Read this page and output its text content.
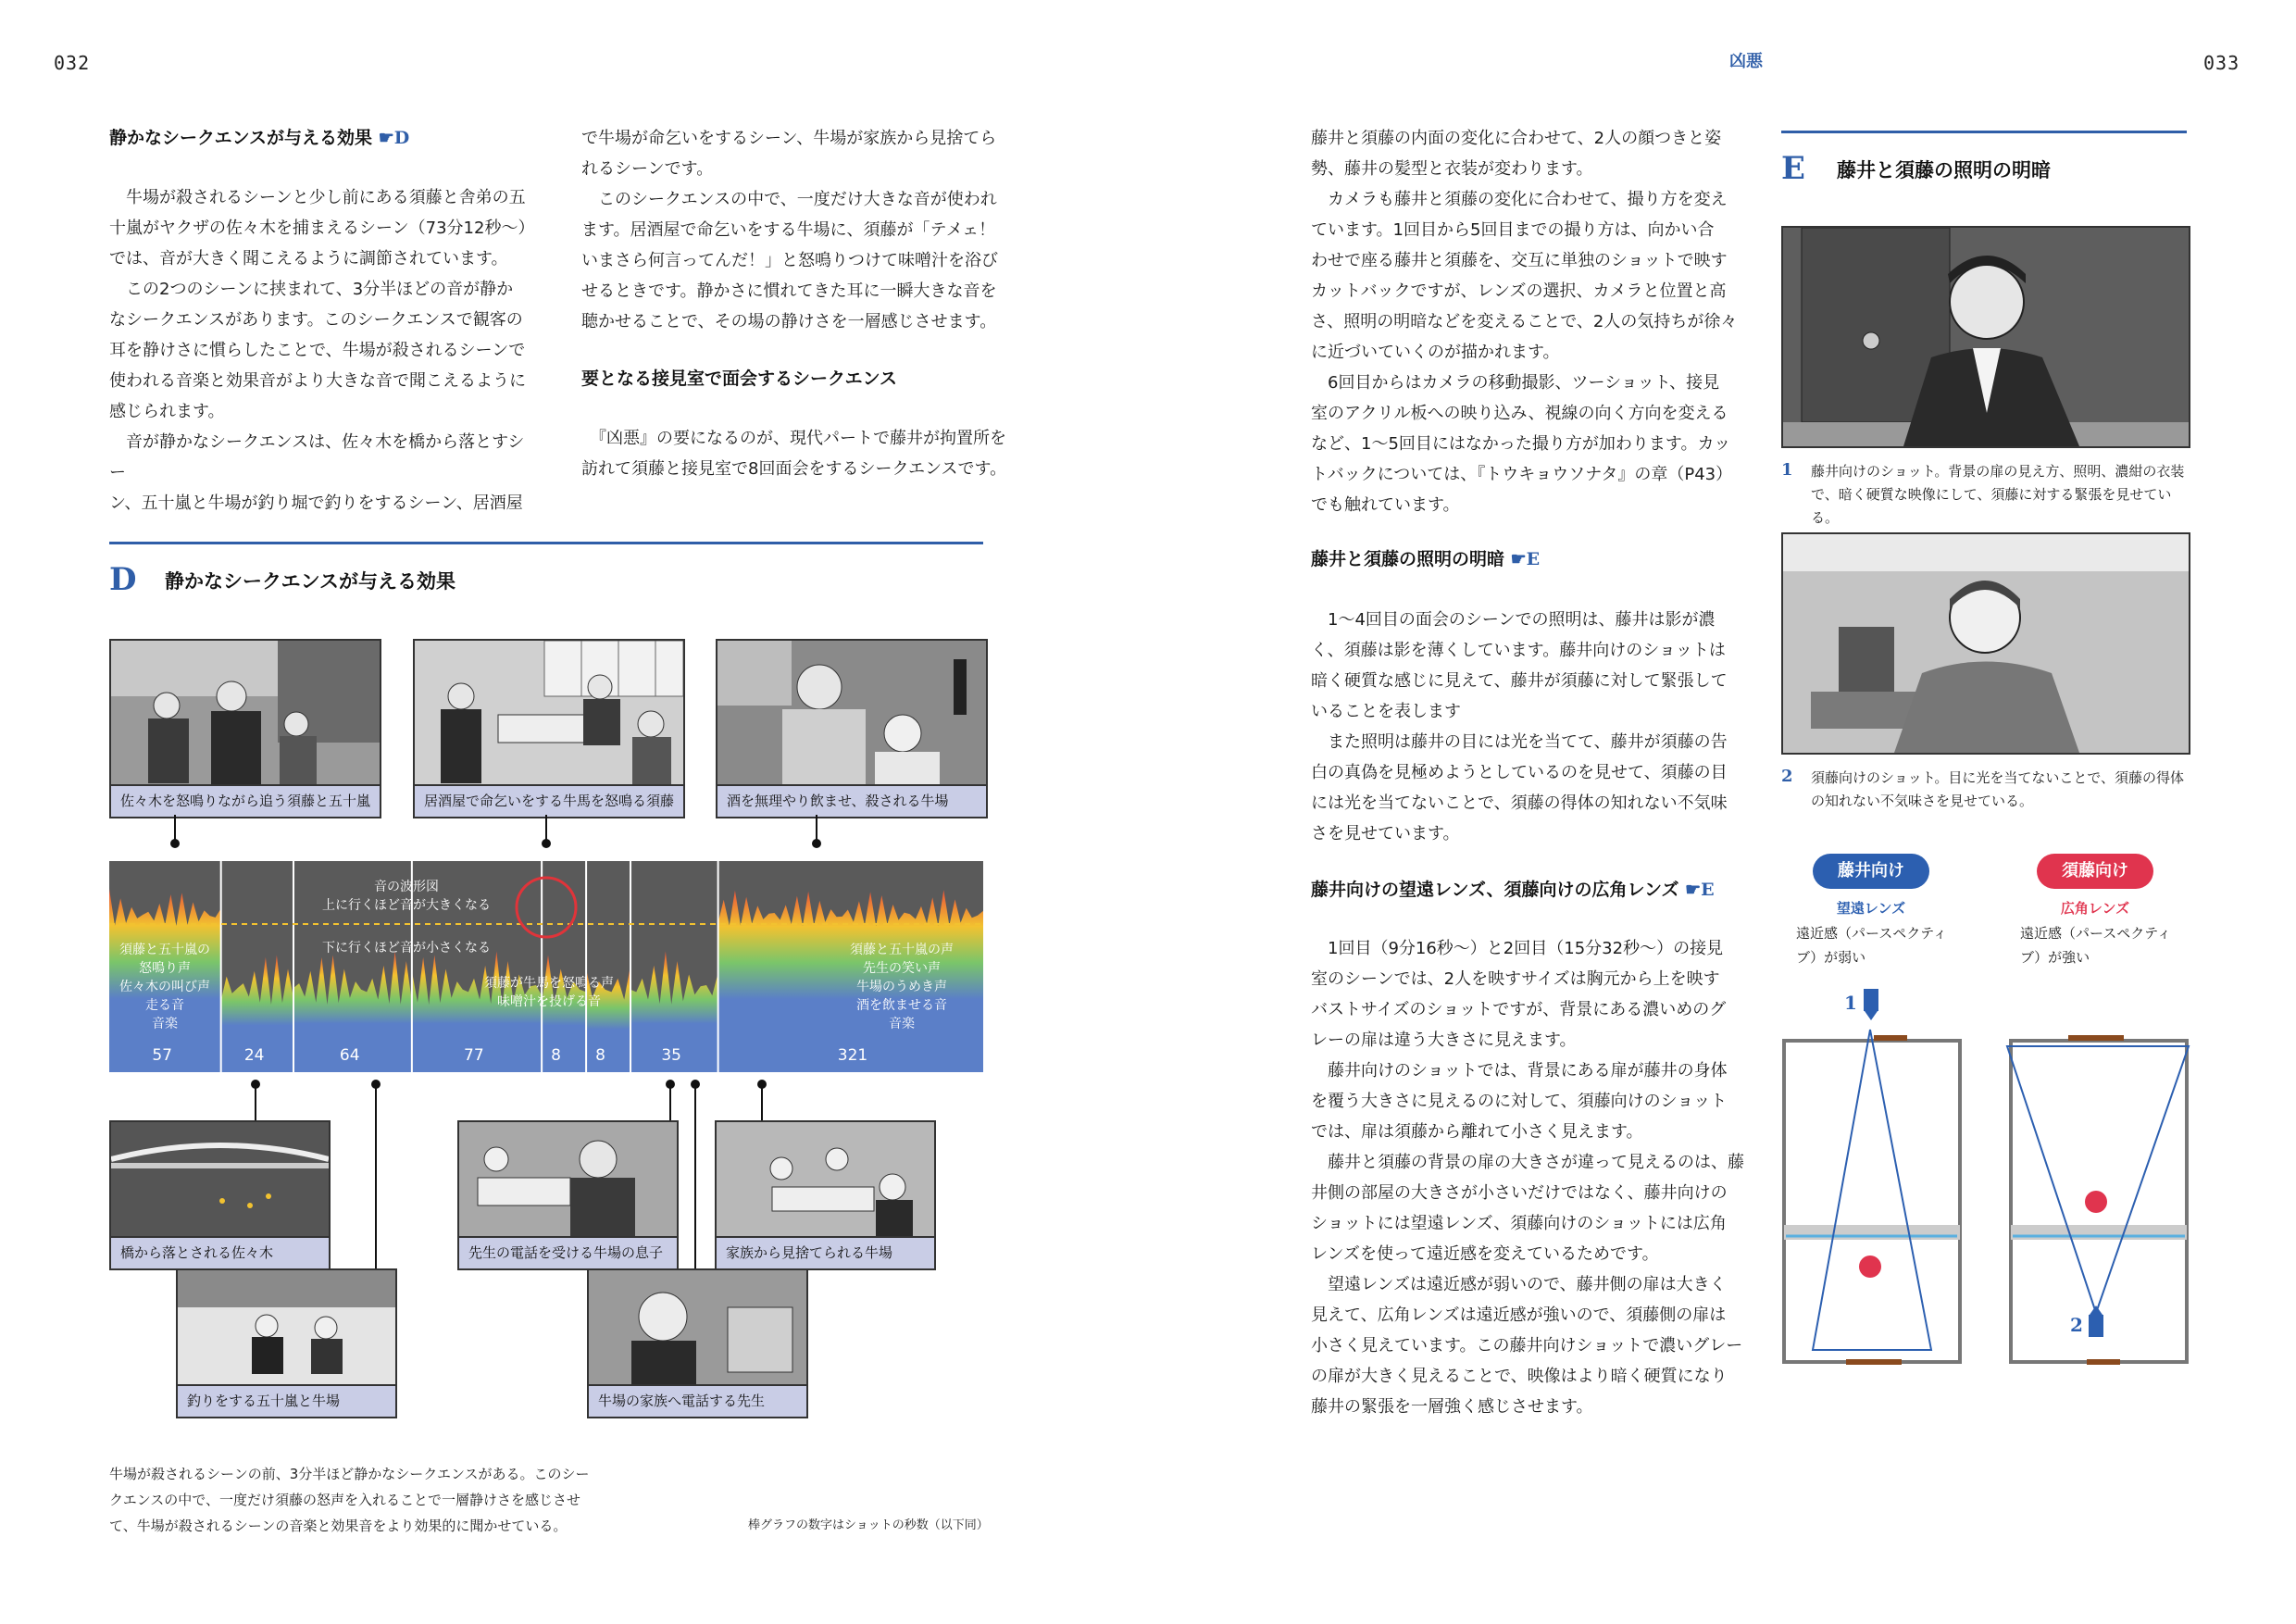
032	凶悪	033
静かなシークエンスが与える効果 ☛D
　牛場が殺されるシーンと少し前にある須藤と舎弟の五
十嵐がヤクザの佐々木を捕まえるシーン（73分12秒〜）
では、音が大きく聞こえるように調節されています。
　この2つのシーンに挟まれて、3分半ほどの音が静か
なシークエンスがあります。このシークエンスで観客の
耳を静けさに慣らしたことで、牛場が殺されるシーンで
使われる音楽と効果音がより大きな音で聞こえるように
感じられます。
　音が静かなシークエンスは、佐々木を橋から落とすシー
ン、五十嵐と牛場が釣り堀で釣りをするシーン、居酒屋
で牛場が命乞いをするシーン、牛場が家族から見捨てら
れるシーンです。
　このシークエンスの中で、一度だけ大きな音が使われ
ます。居酒屋で命乞いをする牛場に、須藤が「テメェ！
いまさら何言ってんだ！」と怒鳴りつけて味噌汁を浴び
せるときです。静かさに慣れてきた耳に一瞬大きな音を
聴かせることで、その場の静けさを一層感じさせます。
要となる接見室で面会するシークエンス
　『凶悪』の要になるのが、現代パートで藤井が拘置所を
訪れて須藤と接見室で8回面会をするシークエンスです。
D 静かなシークエンスが与える効果
佐々木を怒鳴りながら追う須藤と五十嵐	居酒屋で命乞いをする牛馬を怒鳴る須藤	酒を無理やり飲ませ、殺される牛場
音の波形図
上に行くほど音が大きくなる
下に行くほど音が小さくなる
須藤と五十嵐の
怒鳴り声
佐々木の叫び声
走る音
音楽
須藤が牛馬を怒鳴る声
味噌汁を投げる音
須藤と五十嵐の声
先生の笑い声
牛場のうめき声
酒を飲ませる音
音楽
57	24	64	77	8 8	35	321
橋から落とされる佐々木
釣りをする五十嵐と牛場
先生の電話を受ける牛場の息子
牛場の家族へ電話する先生
家族から見捨てられる牛場
牛場が殺されるシーンの前、3分半ほど静かなシークエンスがある。このシー
クエンスの中で、一度だけ須藤の怒声を入れることで一層静けさを感じさせ
て、牛場が殺されるシーンの音楽と効果音をより効果的に聞かせている。	棒グラフの数字はショットの秒数（以下同）
藤井と須藤の内面の変化に合わせて、2人の顔つきと姿
勢、藤井の髪型と衣装が変わります。
　カメラも藤井と須藤の変化に合わせて、撮り方を変え
ています。1回目から5回目までの撮り方は、向かい合
わせで座る藤井と須藤を、交互に単独のショットで映す
カットバックですが、レンズの選択、カメラと位置と高
さ、照明の明暗などを変えることで、2人の気持ちが徐々
に近づいていくのが描かれます。
　6回目からはカメラの移動撮影、ツーショット、接見
室のアクリル板への映り込み、視線の向く方向を変える
など、1〜5回目にはなかった撮り方が加わります。カッ
トバックについては、『トウキョウソナタ』の章（P43）
でも触れています。
藤井と須藤の照明の明暗 ☛E
　1〜4回目の面会のシーンでの照明は、藤井は影が濃
く、須藤は影を薄くしています。藤井向けのショットは
暗く硬質な感じに見えて、藤井が須藤に対して緊張して
いることを表します
　また照明は藤井の目には光を当てて、藤井が須藤の告
白の真偽を見極めようとしているのを見せて、須藤の目
には光を当てないことで、須藤の得体の知れない不気味
さを見せています。
藤井向けの望遠レンズ、須藤向けの広角レンズ ☛E
　1回目（9分16秒〜）と2回目（15分32秒〜）の接見
室のシーンでは、2人を映すサイズは胸元から上を映す
バストサイズのショットですが、背景にある濃いめのグ
レーの扉は違う大きさに見えます。
　藤井向けのショットでは、背景にある扉が藤井の身体
を覆う大きさに見えるのに対して、須藤向けのショット
では、扉は須藤から離れて小さく見えます。
　藤井と須藤の背景の扉の大きさが違って見えるのは、藤
井側の部屋の大きさが小さいだけではなく、藤井向けの
ショットには望遠レンズ、須藤向けのショットには広角
レンズを使って遠近感を変えているためです。
　望遠レンズは遠近感が弱いので、藤井側の扉は大きく
見えて、広角レンズは遠近感が強いので、須藤側の扉は
小さく見えています。この藤井向けショットで濃いグレー
の扉が大きく見えることで、映像はより暗く硬質になり
藤井の緊張を一層強く感じさせます。
E 藤井と須藤の照明の明暗
1 藤井向けのショット。背景の扉の見え方、照明、濃紺の衣装
で、暗く硬質な映像にして、須藤に対する緊張を見せている。
2 須藤向けのショット。目に光を当てないことで、須藤の得体
の知れない不気味さを見せている。
藤井向け	須藤向け
望遠レンズ	広角レンズ
遠近感（パースペクティ
ブ）が弱い
遠近感（パースペクティ
ブ）が強い
1
2
